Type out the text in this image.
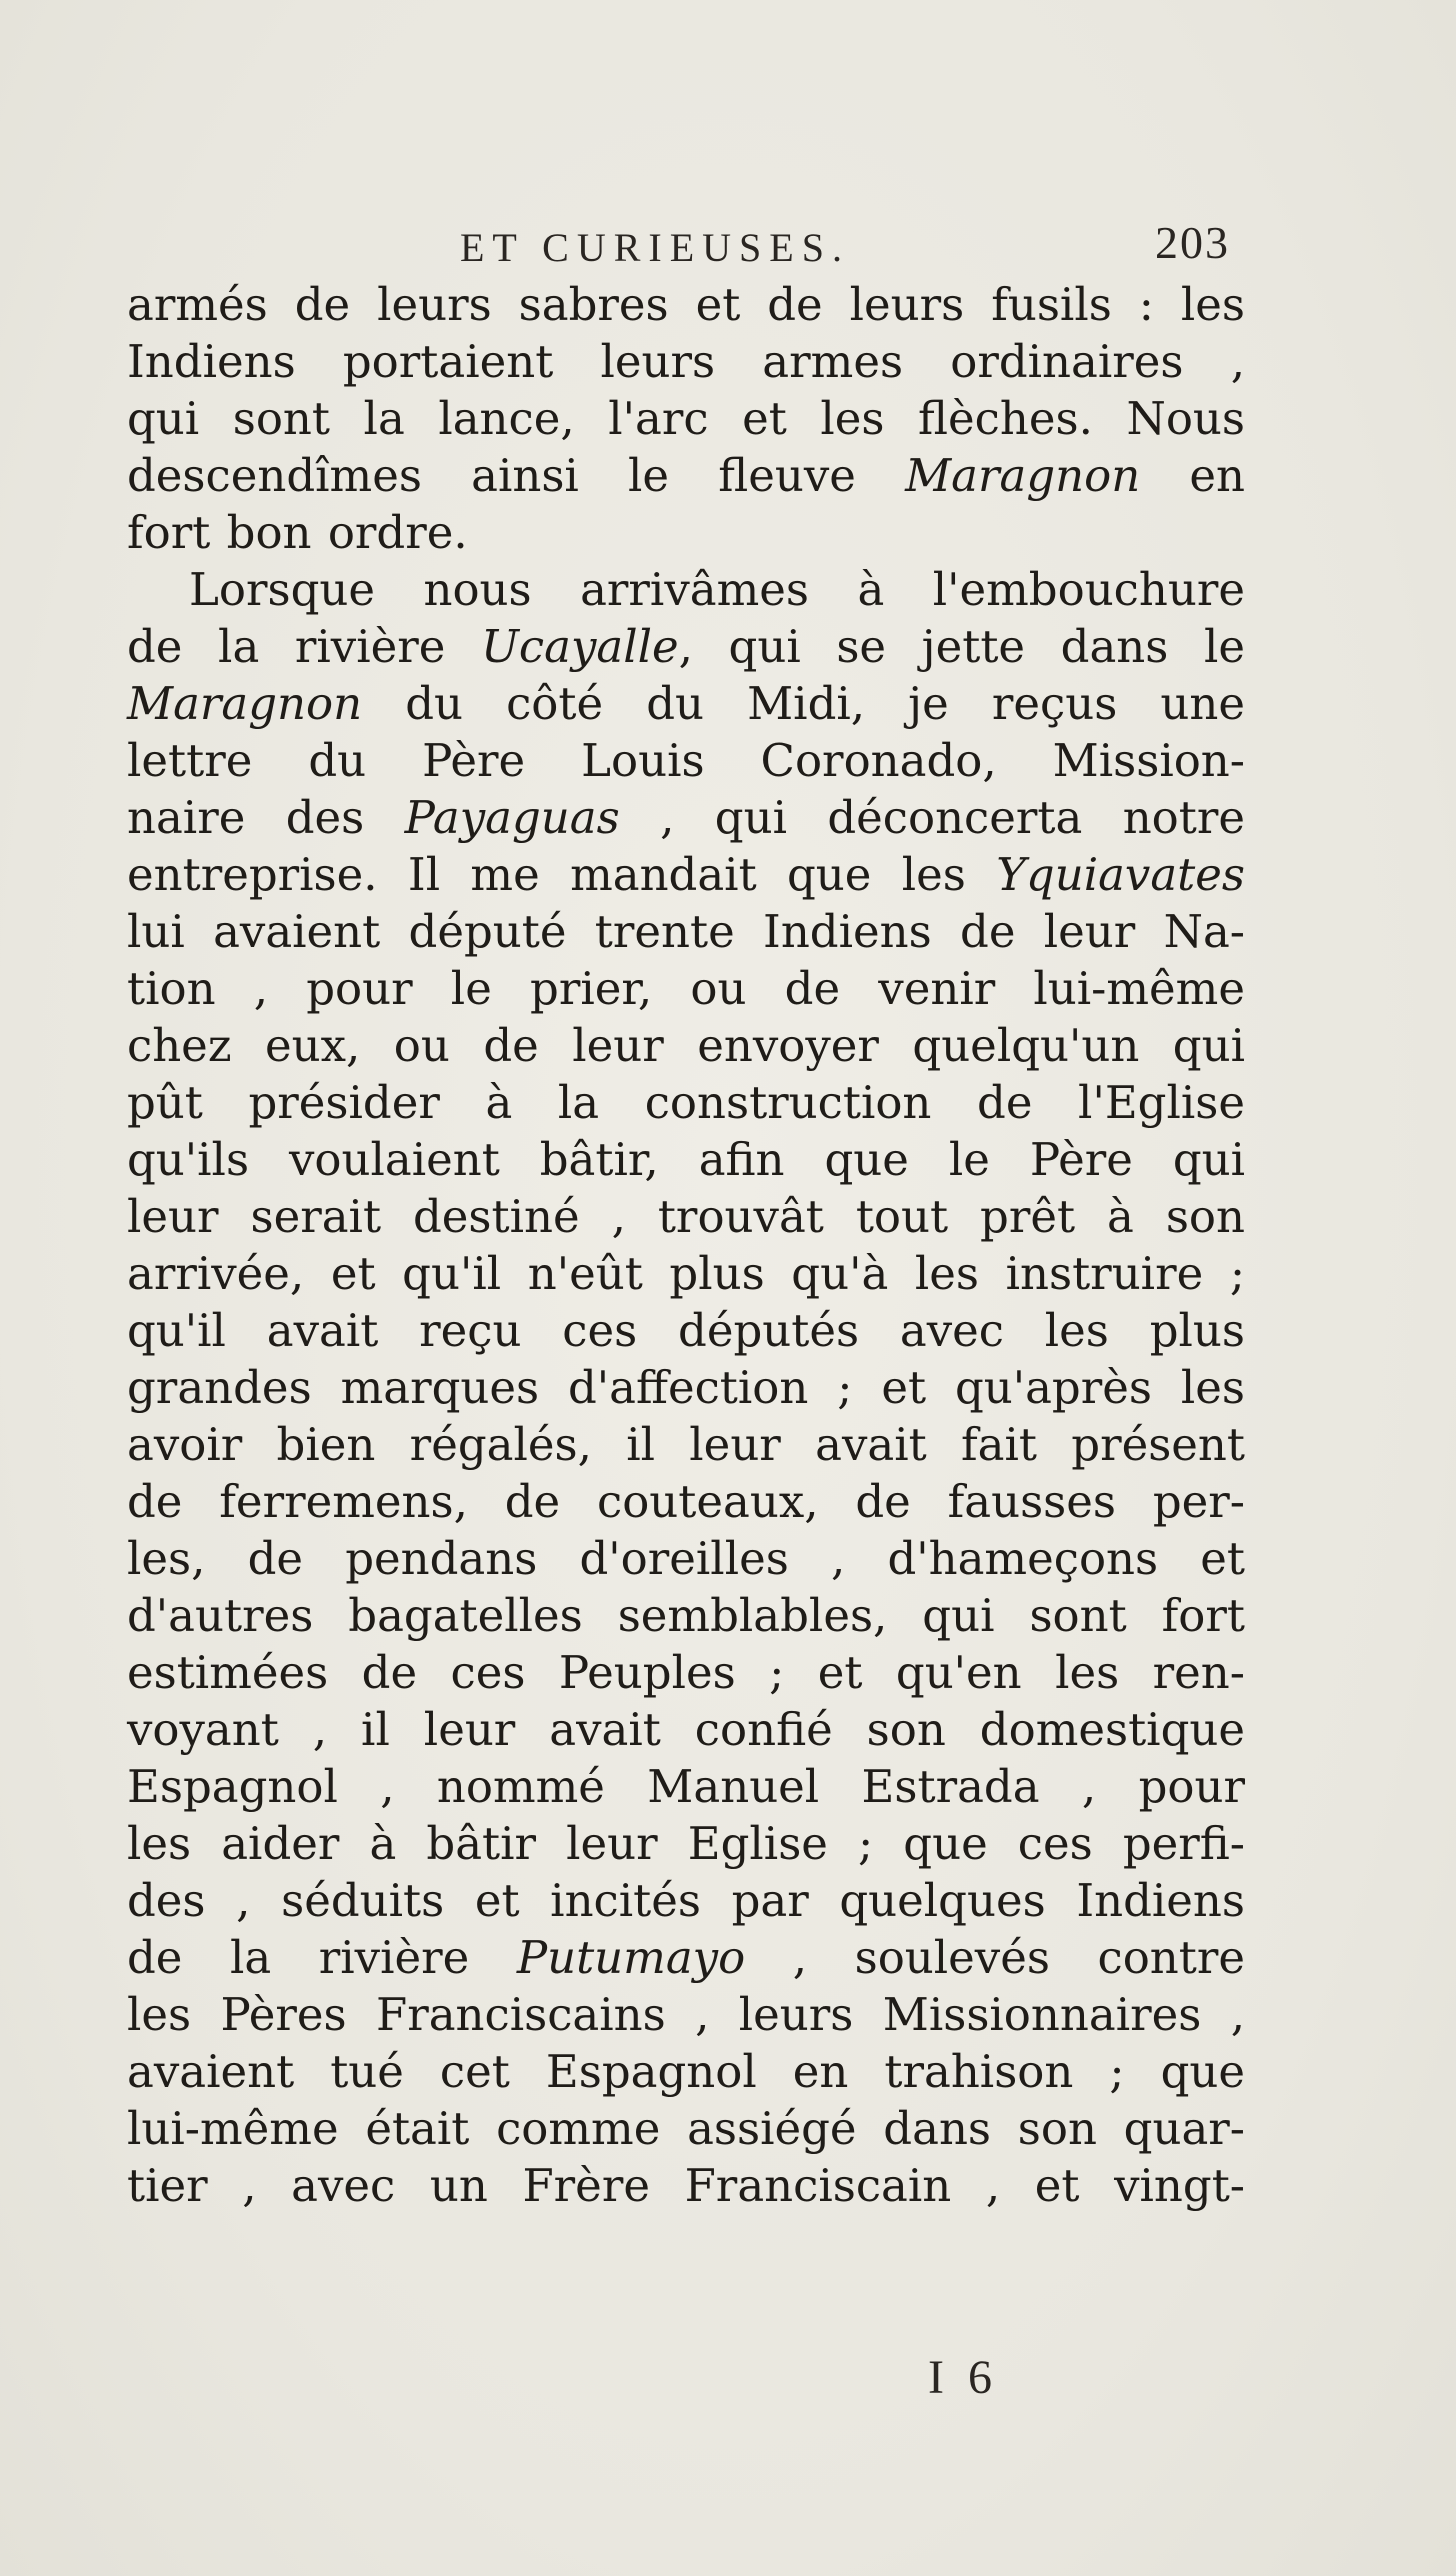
ET CURIEUSES.	203
armés de leurs sabres et de leurs fusils : les
Indiens portaient leurs armes ordinaires ,
qui sont la lance, l'arc et les flèches. Nous
descendîmes ainsi le fleuve Maragnon en
fort bon ordre.
Lorsque nous arrivâmes à l'embouchure
de la rivière Ucayalle, qui se jette dans le
Maragnon du côté du Midi, je reçus une
lettre du Père Louis Coronado, Mission-
naire des Payaguas , qui déconcerta notre
entreprise. Il me mandait que les Yquiavates
lui avaient député trente Indiens de leur Na-
tion , pour le prier, ou de venir lui-même
chez eux, ou de leur envoyer quelqu'un qui
pût présider à la construction de l'Eglise
qu'ils voulaient bâtir, afin que le Père qui
leur serait destiné , trouvât tout prêt à son
arrivée, et qu'il n'eût plus qu'à les instruire ;
qu'il avait reçu ces députés avec les plus
grandes marques d'affection ; et qu'après les
avoir bien régalés, il leur avait fait présent
de ferremens, de couteaux, de fausses per-
les, de pendans d'oreilles , d'hameçons et
d'autres bagatelles semblables, qui sont fort
estimées de ces Peuples ; et qu'en les ren-
voyant , il leur avait confié son domestique
Espagnol , nommé Manuel Estrada , pour
les aider à bâtir leur Eglise ; que ces perfi-
des , séduits et incités par quelques Indiens
de la rivière Putumayo , soulevés contre
les Pères Franciscains , leurs Missionnaires ,
avaient tué cet Espagnol en trahison ; que
lui-même était comme assiégé dans son quar-
tier , avec un Frère Franciscain , et vingt-
I 6
